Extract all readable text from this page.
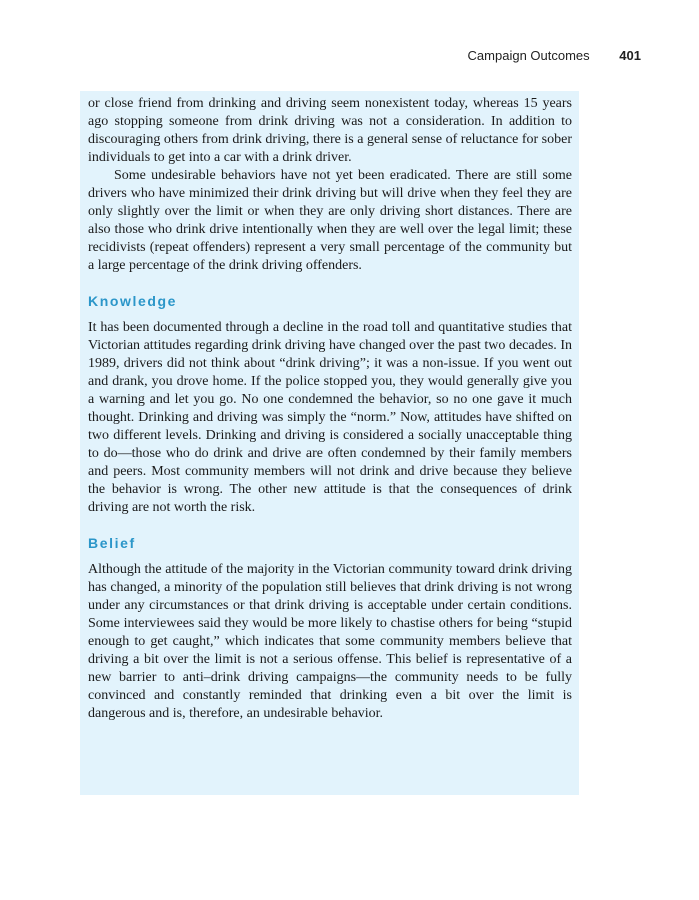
Campaign Outcomes 401

or close friend from drinking and driving seem nonexistent today, whereas 15 years ago stopping someone from drink driving was not a consideration. In addition to discouraging others from drink driving, there is a general sense of reluctance for sober individuals to get into a car with a drink driver.

Some undesirable behaviors have not yet been eradicated. There are still some drivers who have minimized their drink driving but will drive when they feel they are only slightly over the limit or when they are only driving short distances. There are also those who drink drive intentionally when they are well over the legal limit; these recidivists (repeat offenders) represent a very small percentage of the community but a large percentage of the drink driving offenders.

Knowledge

It has been documented through a decline in the road toll and quantitative studies that Victorian attitudes regarding drink driving have changed over the past two decades. In 1989, drivers did not think about “drink driving”; it was a non-issue. If you went out and drank, you drove home. If the police stopped you, they would generally give you a warning and let you go. No one condemned the behavior, so no one gave it much thought. Drinking and driving was simply the “norm.” Now, attitudes have shifted on two different levels. Drinking and driving is considered a socially unacceptable thing to do—those who do drink and drive are often condemned by their family members and peers. Most community members will not drink and drive because they believe the behavior is wrong. The other new attitude is that the consequences of drink driving are not worth the risk.

Belief

Although the attitude of the majority in the Victorian community toward drink driving has changed, a minority of the population still believes that drink driving is not wrong under any circumstances or that drink driving is acceptable under certain conditions. Some interviewees said they would be more likely to chastise others for being “stupid enough to get caught,” which indicates that some community members believe that driving a bit over the limit is not a serious offense. This belief is representative of a new barrier to anti–drink driving campaigns—the community needs to be fully convinced and constantly reminded that drinking even a bit over the limit is dangerous and is, therefore, an undesirable behavior.
